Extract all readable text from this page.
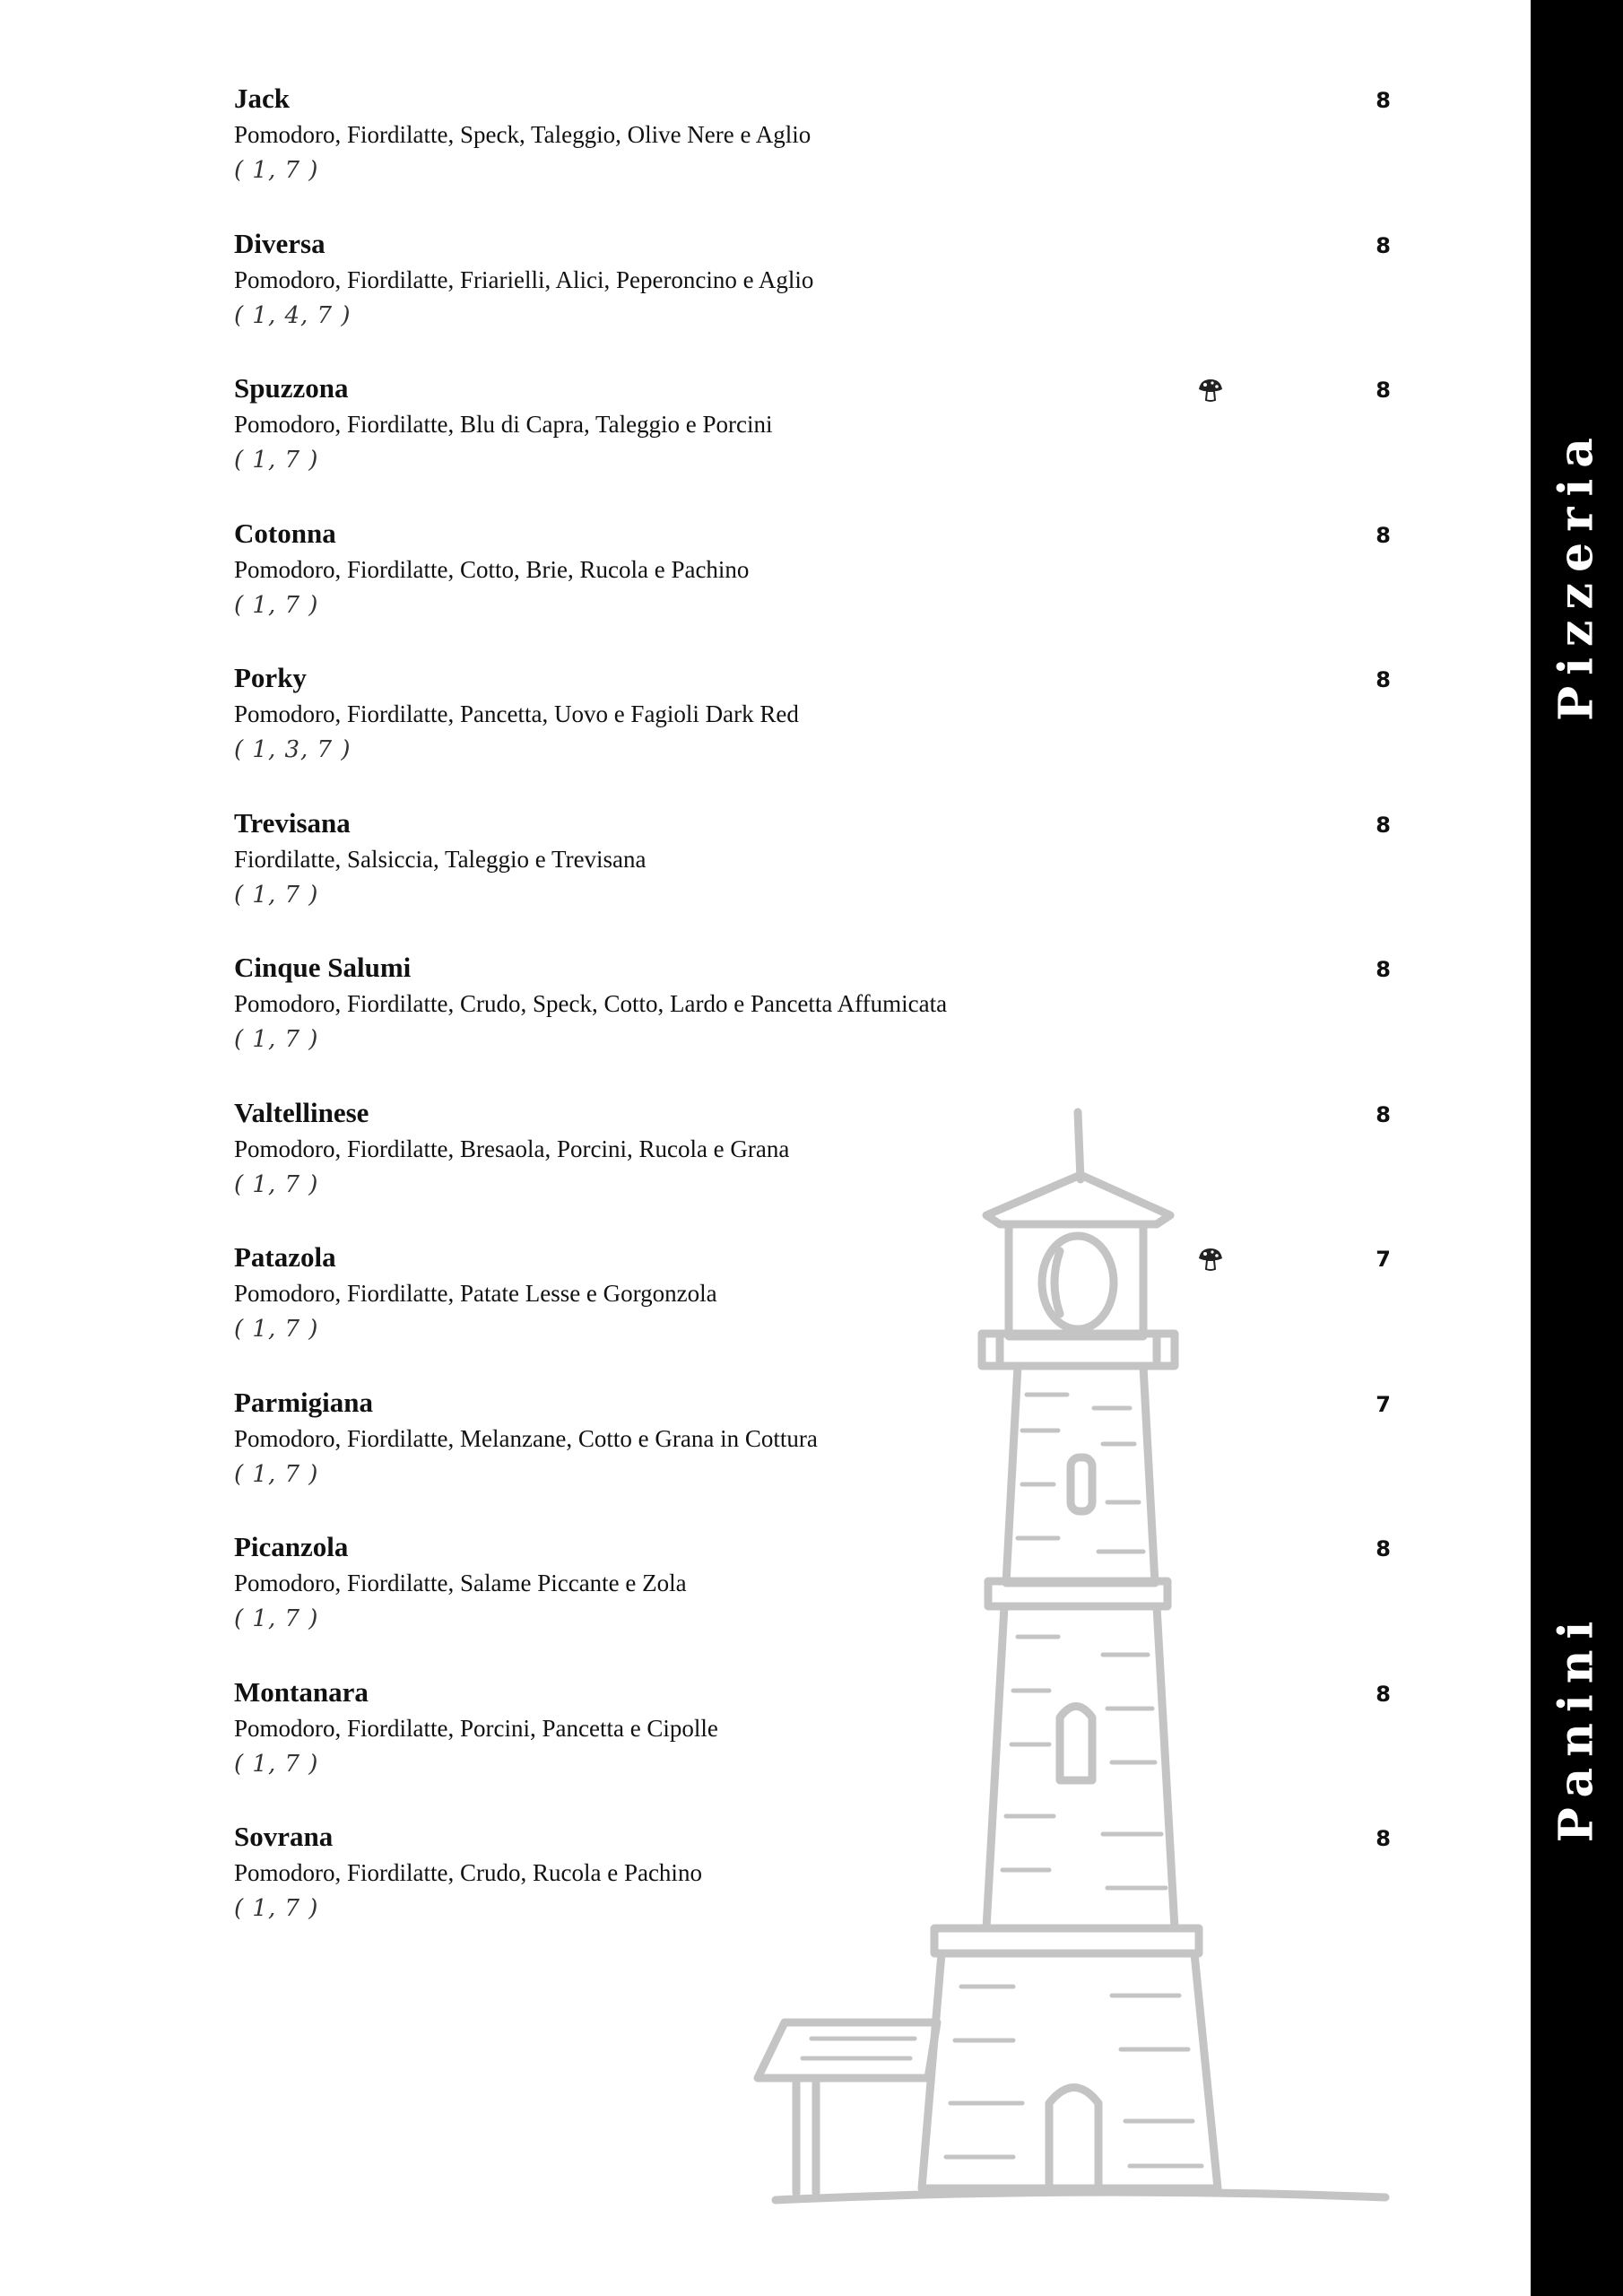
Jack
Pomodoro, Fiordilatte, Speck, Taleggio, Olive Nere e Aglio
( 1, 7 )
8
Diversa
Pomodoro, Fiordilatte, Friarielli, Alici, Peperoncino e Aglio
( 1, 4, 7 )
8
Spuzzona
Pomodoro, Fiordilatte, Blu di Capra, Taleggio e Porcini
( 1, 7 )
8
Cotonna
Pomodoro, Fiordilatte, Cotto, Brie, Rucola e Pachino
( 1, 7 )
8
Porky
Pomodoro, Fiordilatte, Pancetta, Uovo e Fagioli Dark Red
( 1, 3, 7 )
8
Trevisana
Fiordilatte, Salsiccia, Taleggio e Trevisana
( 1, 7 )
8
Cinque Salumi
Pomodoro, Fiordilatte, Crudo, Speck, Cotto, Lardo e Pancetta Affumicata
( 1, 7 )
8
Valtellinese
Pomodoro, Fiordilatte, Bresaola, Porcini, Rucola e Grana
( 1, 7 )
8
Patazola
Pomodoro, Fiordilatte, Patate Lesse e Gorgonzola
( 1, 7 )
7
Parmigiana
Pomodoro, Fiordilatte, Melanzane, Cotto e Grana in Cottura
( 1, 7 )
7
Picanzola
Pomodoro, Fiordilatte, Salame Piccante e Zola
( 1, 7 )
8
Montanara
Pomodoro, Fiordilatte, Porcini, Pancetta e Cipolle
( 1, 7 )
8
Sovrana
Pomodoro, Fiordilatte, Crudo, Rucola e Pachino
( 1, 7 )
8
Pizzeria
Panini
